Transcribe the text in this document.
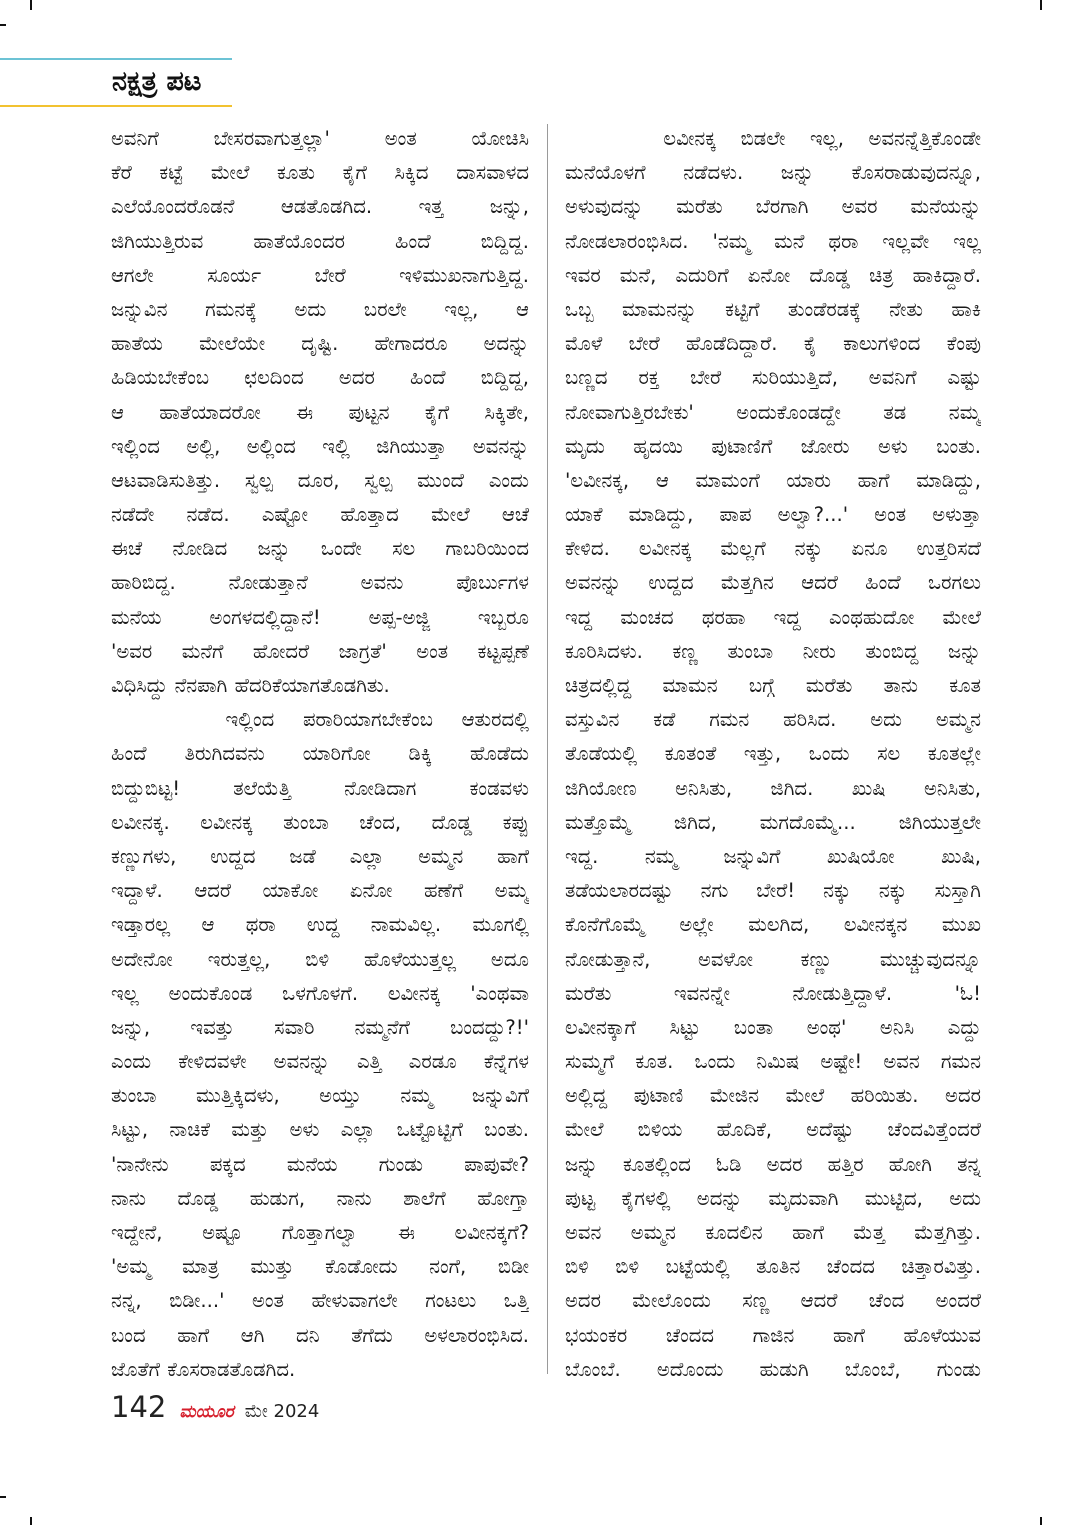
ನಕ್ಷತ್ರ ಪಟ
ಅವನಿಗೆ ಬೇಸರವಾಗುತ್ತಲ್ಲಾ' ಅಂತ ಯೋಚಿಸಿ
ಕೆರೆ ಕಟ್ಟೆ ಮೇಲೆ ಕೂತು ಕೈಗೆ ಸಿಕ್ಕಿದ ದಾಸವಾಳದ
ಎಲೆಯೊಂದರೊಡನೆ ಆಡತೊಡಗಿದ. ಇತ್ತ ಜನ್ನು,
ಜಿಗಿಯುತ್ತಿರುವ ಹಾತೆಯೊಂದರ ಹಿಂದೆ ಬಿದ್ದಿದ್ದ.
ಆಗಲೇ ಸೂರ್ಯ ಬೇರೆ ಇಳಿಮುಖನಾಗುತ್ತಿದ್ದ.
ಜನ್ನುವಿನ ಗಮನಕ್ಕೆ ಅದು ಬರಲೇ ಇಲ್ಲ, ಆ
ಹಾತೆಯ ಮೇಲೆಯೇ ದೃಷ್ಟಿ. ಹೇಗಾದರೂ ಅದನ್ನು
ಹಿಡಿಯಬೇಕೆಂಬ ಛಲದಿಂದ ಅದರ ಹಿಂದೆ ಬಿದ್ದಿದ್ದ,
ಆ ಹಾತೆಯಾದರೋ ಈ ಪುಟ್ಟನ ಕೈಗೆ ಸಿಕ್ಕಿತೇ,
ಇಲ್ಲಿಂದ ಅಲ್ಲಿ, ಅಲ್ಲಿಂದ ಇಲ್ಲಿ ಜಿಗಿಯುತ್ತಾ ಅವನನ್ನು
ಆಟವಾಡಿಸುತಿತ್ತು. ಸ್ವಲ್ಪ ದೂರ, ಸ್ವಲ್ಪ ಮುಂದೆ ಎಂದು
ನಡೆದೇ ನಡೆದ. ಎಷ್ಟೋ ಹೊತ್ತಾದ ಮೇಲೆ ಆಚೆ
ಈಚೆ ನೋಡಿದ ಜನ್ನು ಒಂದೇ ಸಲ ಗಾಬರಿಯಿಂದ
ಹಾರಿಬಿದ್ದ. ನೋಡುತ್ತಾನೆ ಅವನು ಪೊರ್ಬುಗಳ
ಮನೆಯ ಅಂಗಳದಲ್ಲಿದ್ದಾನೆ! ಅಪ್ಪ-ಅಜ್ಜಿ ಇಬ್ಬರೂ
'ಅವರ ಮನೆಗೆ ಹೋದರೆ ಜಾಗ್ರತೆ' ಅಂತ ಕಟ್ಟಪ್ಪಣೆ
ವಿಧಿಸಿದ್ದು ನೆನಪಾಗಿ ಹೆದರಿಕೆಯಾಗತೊಡಗಿತು.
ಇಲ್ಲಿಂದ ಪರಾರಿಯಾಗಬೇಕೆಂಬ ಆತುರದಲ್ಲಿ
ಹಿಂದೆ ತಿರುಗಿದವನು ಯಾರಿಗೋ ಡಿಕ್ಕಿ ಹೊಡೆದು
ಬಿದ್ದುಬಿಟ್ಟ! ತಲೆಯೆತ್ತಿ ನೋಡಿದಾಗ ಕಂಡವಳು
ಲವೀನಕ್ಕ. ಲವೀನಕ್ಕ ತುಂಬಾ ಚೆಂದ, ದೊಡ್ಡ ಕಪ್ಪು
ಕಣ್ಣುಗಳು, ಉದ್ದದ ಜಡೆ ಎಲ್ಲಾ ಅಮ್ಮನ ಹಾಗೆ
ಇದ್ದಾಳೆ. ಆದರೆ ಯಾಕೋ ಏನೋ ಹಣೆಗೆ ಅಮ್ಮ
ಇಡ್ತಾರಲ್ಲ ಆ ಥರಾ ಉದ್ದ ನಾಮವಿಲ್ಲ. ಮೂಗಲ್ಲಿ
ಅದೇನೋ ಇರುತ್ತಲ್ಲ, ಬಿಳಿ ಹೊಳೆಯುತ್ತಲ್ಲ ಅದೂ
ಇಲ್ಲ ಅಂದುಕೊಂಡ ಒಳಗೊಳಗೆ. ಲವೀನಕ್ಕ 'ಎಂಥವಾ
ಜನ್ನು, ಇವತ್ತು ಸವಾರಿ ನಮ್ಮನೆಗೆ ಬಂದದ್ದು?!'
ಎಂದು ಕೇಳಿದವಳೇ ಅವನನ್ನು ಎತ್ತಿ ಎರಡೂ ಕೆನ್ನೆಗಳ
ತುಂಬಾ ಮುತ್ತಿಕ್ಕಿದಳು, ಅಯ್ತು ನಮ್ಮ ಜನ್ನುವಿಗೆ
ಸಿಟ್ಟು, ನಾಚಿಕೆ ಮತ್ತು ಅಳು ಎಲ್ಲಾ ಒಟ್ಟೊಟ್ಟಿಗೆ ಬಂತು.
'ನಾನೇನು ಪಕ್ಕದ ಮನೆಯ ಗುಂಡು ಪಾಪುವೇ?
ನಾನು ದೊಡ್ಡ ಹುಡುಗ, ನಾನು ಶಾಲೆಗೆ ಹೋಗ್ತಾ
ಇದ್ದೇನೆ, ಅಷ್ಟೂ ಗೊತ್ತಾಗಲ್ವಾ ಈ ಲವೀನಕ್ಕಗೆ?
'ಅಮ್ಮ ಮಾತ್ರ ಮುತ್ತು ಕೊಡೋದು ನಂಗೆ, ಬಿಡೀ
ನನ್ನ, ಬಿಡೀ...' ಅಂತ ಹೇಳುವಾಗಲೇ ಗಂಟಲು ಒತ್ತಿ
ಬಂದ ಹಾಗೆ ಆಗಿ ದನಿ ತೆಗೆದು ಅಳಲಾರಂಭಿಸಿದ.
ಜೊತೆಗೆ ಕೊಸರಾಡತೊಡಗಿದ.
ಲವೀನಕ್ಕ ಬಿಡಲೇ ಇಲ್ಲ, ಅವನನ್ನೆತ್ತಿಕೊಂಡೇ
ಮನೆಯೊಳಗೆ ನಡೆದಳು. ಜನ್ನು ಕೊಸರಾಡುವುದನ್ನೂ,
ಅಳುವುದನ್ನು ಮರೆತು ಬೆರಗಾಗಿ ಅವರ ಮನೆಯನ್ನು
ನೋಡಲಾರಂಭಿಸಿದ. 'ನಮ್ಮ ಮನೆ ಥರಾ ಇಲ್ಲವೇ ಇಲ್ಲ
ಇವರ ಮನೆ, ಎದುರಿಗೆ ಏನೋ ದೊಡ್ಡ ಚಿತ್ರ ಹಾಕಿದ್ದಾರೆ.
ಒಬ್ಬ ಮಾಮನನ್ನು ಕಟ್ಟಿಗೆ ತುಂಡೆರಡಕ್ಕೆ ನೇತು ಹಾಕಿ
ಮೊಳೆ ಬೇರೆ ಹೊಡೆದಿದ್ದಾರೆ. ಕೈ ಕಾಲುಗಳಿಂದ ಕೆಂಪು
ಬಣ್ಣದ ರಕ್ತ ಬೇರೆ ಸುರಿಯುತ್ತಿದೆ, ಅವನಿಗೆ ಎಷ್ಟು
ನೋವಾಗುತ್ತಿರಬೇಕು' ಅಂದುಕೊಂಡದ್ದೇ ತಡ ನಮ್ಮ
ಮೃದು ಹೃದಯಿ ಪುಟಾಣಿಗೆ ಜೋರು ಅಳು ಬಂತು.
'ಲವೀನಕ್ಕ, ಆ ಮಾಮಂಗೆ ಯಾರು ಹಾಗೆ ಮಾಡಿದ್ದು,
ಯಾಕೆ ಮಾಡಿದ್ದು, ಪಾಪ ಅಲ್ವಾ?...' ಅಂತ ಅಳುತ್ತಾ
ಕೇಳಿದ. ಲವೀನಕ್ಕ ಮೆಲ್ಲಗೆ ನಕ್ಕು ಏನೂ ಉತ್ತರಿಸದೆ
ಅವನನ್ನು ಉದ್ದದ ಮೆತ್ತಗಿನ ಆದರೆ ಹಿಂದೆ ಒರಗಲು
ಇದ್ದ ಮಂಚದ ಥರಹಾ ಇದ್ದ ಎಂಥಹುದೋ ಮೇಲೆ
ಕೂರಿಸಿದಳು. ಕಣ್ಣ ತುಂಬಾ ನೀರು ತುಂಬಿದ್ದ ಜನ್ನು
ಚಿತ್ರದಲ್ಲಿದ್ದ ಮಾಮನ ಬಗ್ಗೆ ಮರೆತು ತಾನು ಕೂತ
ವಸ್ತುವಿನ ಕಡೆ ಗಮನ ಹರಿಸಿದ. ಅದು ಅಮ್ಮನ
ತೊಡೆಯಲ್ಲಿ ಕೂತಂತೆ ಇತ್ತು, ಒಂದು ಸಲ ಕೂತಲ್ಲೇ
ಜಿಗಿಯೋಣ ಅನಿಸಿತು, ಜಿಗಿದ. ಖುಷಿ ಅನಿಸಿತು,
ಮತ್ತೊಮ್ಮೆ ಜಿಗಿದ, ಮಗದೊಮ್ಮೆ... ಜಿಗಿಯುತ್ತಲೇ
ಇದ್ದ. ನಮ್ಮ ಜನ್ನುವಿಗೆ ಖುಷಿಯೋ ಖುಷಿ,
ತಡೆಯಲಾರದಷ್ಟು ನಗು ಬೇರೆ! ನಕ್ಕು ನಕ್ಕು ಸುಸ್ತಾಗಿ
ಕೊನೆಗೊಮ್ಮೆ ಅಲ್ಲೇ ಮಲಗಿದ, ಲವೀನಕ್ಕನ ಮುಖ
ನೋಡುತ್ತಾನೆ, ಅವಳೋ ಕಣ್ಣು ಮುಚ್ಚುವುದನ್ನೂ
ಮರೆತು ಇವನನ್ನೇ ನೋಡುತ್ತಿದ್ದಾಳೆ. 'ಓ!
ಲವೀನಕ್ಕಾಗೆ ಸಿಟ್ಟು ಬಂತಾ ಅಂಥ' ಅನಿಸಿ ಎದ್ದು
ಸುಮ್ಮಗೆ ಕೂತ. ಒಂದು ನಿಮಿಷ ಅಷ್ಟೇ! ಅವನ ಗಮನ
ಅಲ್ಲಿದ್ದ ಪುಟಾಣಿ ಮೇಜಿನ ಮೇಲೆ ಹರಿಯಿತು. ಅದರ
ಮೇಲೆ ಬಿಳಿಯ ಹೊದಿಕೆ, ಅದೆಷ್ಟು ಚೆಂದವಿತ್ತೆಂದರೆ
ಜನ್ನು ಕೂತಲ್ಲಿಂದ ಓಡಿ ಅದರ ಹತ್ತಿರ ಹೋಗಿ ತನ್ನ
ಪುಟ್ಟ ಕೈಗಳಲ್ಲಿ ಅದನ್ನು ಮೃದುವಾಗಿ ಮುಟ್ಟಿದ, ಅದು
ಅವನ ಅಮ್ಮನ ಕೂದಲಿನ ಹಾಗೆ ಮೆತ್ತ ಮೆತ್ತಗಿತ್ತು.
ಬಿಳಿ ಬಿಳಿ ಬಟ್ಟೆಯಲ್ಲಿ ತೂತಿನ ಚೆಂದದ ಚಿತ್ತಾರವಿತ್ತು.
ಅದರ ಮೇಲೊಂದು ಸಣ್ಣ ಆದರೆ ಚೆಂದ ಅಂದರೆ
ಭಯಂಕರ ಚೆಂದದ ಗಾಜಿನ ಹಾಗೆ ಹೊಳೆಯುವ
ಬೊಂಬೆ. ಅದೊಂದು ಹುಡುಗಿ ಬೊಂಬೆ, ಗುಂಡು
142 ಮಯೂರ ಮೇ 2024
